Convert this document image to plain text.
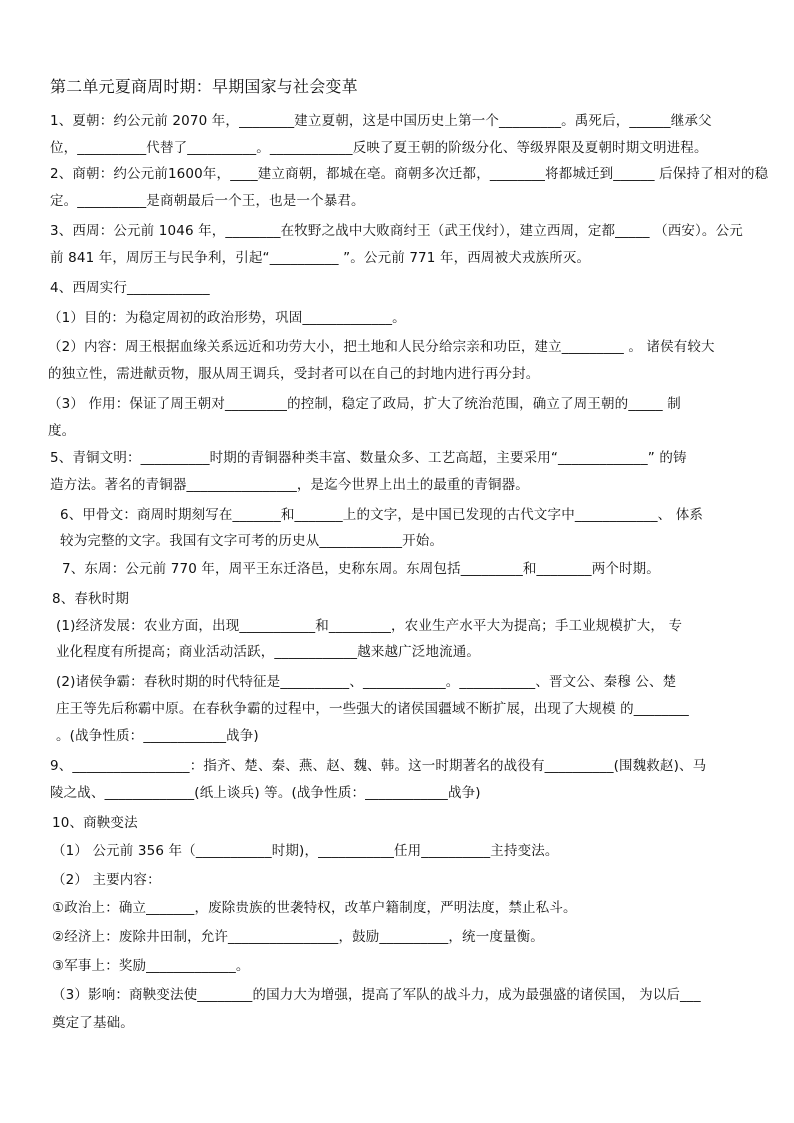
第二单元夏商周时期：早期国家与社会变革
1、夏朝：约公元前 2070 年，________建立夏朝，这是中国历史上第一个_________。禹死后，______继承父
位，__________代替了__________。____________反映了夏王朝的阶级分化、等级界限及夏朝时期文明进程。
2、商朝：约公元前1600年，____建立商朝，都城在亳。商朝多次迁都，________将都城迁到______ 后保持了相对的稳
定。__________是商朝最后一个王，也是一个暴君。
3、西周：公元前 1046 年，________在牧野之战中大败商纣王（武王伐纣），建立西周，定都_____ （西安）。公元
前 841 年，周厉王与民争利，引起“__________ ”。公元前 771 年，西周被犬戎族所灭。
4、西周实行____________
（1）目的：为稳定周初的政治形势，巩固_____________。
（2）内容：周王根据血缘关系远近和功劳大小，把土地和人民分给宗亲和功臣，建立_________ 。 诸侯有较大
的独立性，需进献贡物，服从周王调兵，受封者可以在自己的封地内进行再分封。
（3） 作用：保证了周王朝对_________的控制，稳定了政局，扩大了统治范围，确立了周王朝的_____ 制
度。
5、青铜文明：__________时期的青铜器种类丰富、数量众多、工艺高超，主要采用“_____________” 的铸
造方法。著名的青铜器________________，是迄今世界上出土的最重的青铜器。
6、甲骨文：商周时期刻写在_______和_______上的文字，是中国已发现的古代文字中____________、 体系
较为完整的文字。我国有文字可考的历史从____________开始。
7、东周：公元前 770 年，周平王东迁洛邑，史称东周。东周包括_________和________两个时期。
8、春秋时期
(1)经济发展：农业方面，出现___________和_________，农业生产水平大为提高；手工业规模扩大， 专
业化程度有所提高；商业活动活跃，____________越来越广泛地流通。
(2)诸侯争霸：春秋时期的时代特征是__________、____________。___________、晋文公、秦穆 公、楚
庄王等先后称霸中原。在春秋争霸的过程中，一些强大的诸侯国疆域不断扩展，出现了大规模 的________
。(战争性质：____________战争)
9、_________________：指齐、楚、秦、燕、赵、魏、韩。这一时期著名的战役有__________(围魏救赵)、马
陵之战、_____________(纸上谈兵) 等。(战争性质：____________战争)
10、商鞅变法
（1） 公元前 356 年（___________时期)，___________任用__________主持变法。
（2） 主要内容：
①政治上：确立_______，废除贵族的世袭特权，改革户籍制度，严明法度，禁止私斗。
②经济上：废除井田制，允许________________，鼓励__________，统一度量衡。
③军事上：奖励_____________。
（3）影响：商鞅变法使________的国力大为增强，提高了军队的战斗力，成为最强盛的诸侯国， 为以后___
奠定了基础。
